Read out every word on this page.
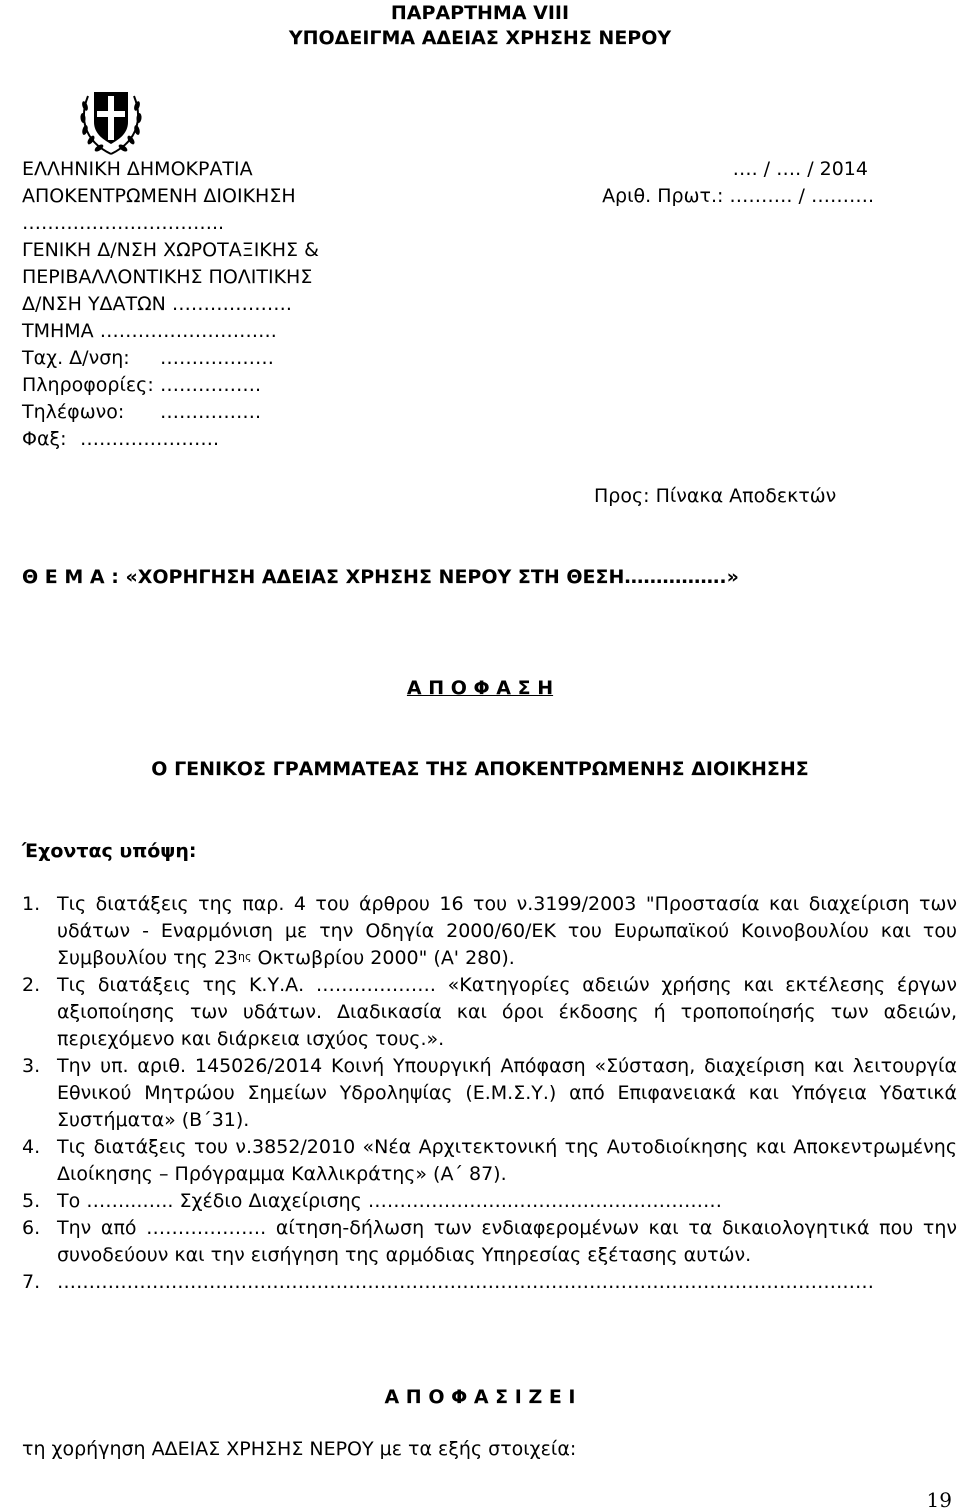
ΠΑΡΑΡΤΗΜΑ VIII
ΥΠΟΔΕΙΓΜΑ ΑΔΕΙΑΣ ΧΡΗΣΗΣ ΝΕΡΟΥ
ΕΛΛΗΝΙΚΗ ΔΗΜΟΚΡΑΤΙΑ
ΑΠΟΚΕΝΤΡΩΜΕΝΗ ΔΙΟΙΚΗΣΗ
…………………………..
ΓΕΝΙΚΗ Δ/ΝΣΗ ΧΩΡΟΤΑΞΙΚΗΣ &
ΠΕΡΙΒΑΛΛΟΝΤΙΚΗΣ ΠΟΛΙΤΙΚΗΣ
Δ/ΝΣΗ ΥΔΑΤΩΝ ……………….
ΤΜΗΜΑ ……………………….
Ταχ. Δ/νση: ………………
Πληροφορίες: …………….
Τηλέφωνο: …………….
Φαξ: ………………….
…. / …. / 2014
Αριθ. Πρωτ.: ………. / ……….
Προς: Πίνακα Αποδεκτών
Θ Ε Μ Α : «ΧΟΡΗΓΗΣΗ ΑΔΕΙΑΣ ΧΡΗΣΗΣ ΝΕΡΟΥ ΣΤΗ ΘΕΣΗ…………….»
Α Π Ο Φ Α Σ Η
Ο ΓΕΝΙΚΟΣ ΓΡΑΜΜΑΤΕΑΣ ΤΗΣ ΑΠΟΚΕΝΤΡΩΜΕΝΗΣ ΔΙΟΙΚΗΣΗΣ
Έχοντας υπόψη:

1. Τις διατάξεις της παρ. 4 του άρθρου 16 του ν.3199/2003 "Προστασία και διαχείριση των υδάτων - Εναρμόνιση με την Οδηγία 2000/60/ΕΚ του Ευρωπαϊκού Κοινοβουλίου και του Συμβουλίου της $23^{\eta\varsigma}$ Οκτωβρίου 2000" (Α' 280).

2. Τις διατάξεις της Κ.Υ.Α. ………………. «Κατηγορίες αδειών χρήσης και εκτέλεσης έργων αξιοποίησης των υδάτων. Διαδικασία και όροι έκδοσης ή τροποποίησής των αδειών, περιεχόμενο και διάρκεια ισχύος τους.».

3. Την υπ. αριθ. 145026/2014 Κοινή Υπουργική Απόφαση «Σύσταση, διαχείριση και λειτουργία Εθνικού Μητρώου Σημείων Υδροληψίας (Ε.Μ.Σ.Υ.) από Επιφανειακά και Υπόγεια Υδατικά Συστήματα» (Β΄31).

4. Τις διατάξεις του ν.3852/2010 «Νέα Αρχιτεκτονική της Αυτοδιοίκησης και Αποκεντρωμένης Διοίκησης – Πρόγραμμα Καλλικράτης» (Α΄ 87).

5. Το ……...….. Σχέδιο Διαχείρισης …………………..……………………………

6. Την από ………………. αίτηση-δήλωση των ενδιαφερομένων και τα δικαιολογητικά που την συνοδεύουν και την εισήγηση της αρμόδιας Υπηρεσίας εξέτασης αυτών.

7. …………………………………………………………………………………………………………………

Α Π Ο Φ Α Σ Ι Ζ Ε Ι
τη χορήγηση ΑΔΕΙΑΣ ΧΡΗΣΗΣ ΝΕΡΟΥ με τα εξής στοιχεία:
19
